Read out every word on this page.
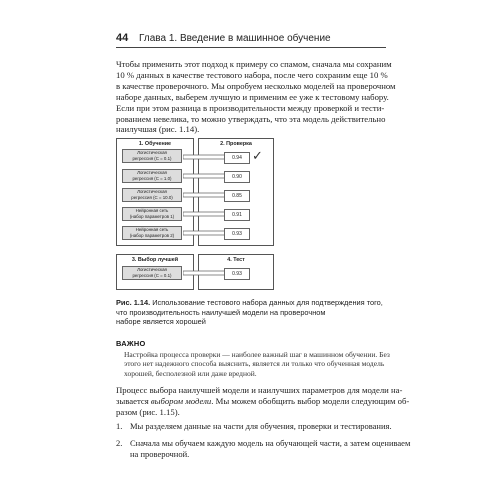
44 Глава 1. Введение в машинное обучение
Чтобы применить этот подход к примеру со спамом, сначала мы сохраним
10 % данных в качестве тестового набора, после чего сохраним еще 10 %
в качестве проверочного. Мы опробуем несколько моделей на проверочном
наборе данных, выберем лучшую и применим ее уже к тестовому набору.
Если при этом разница в производительности между проверкой и тести-
рованием невелика, то можно утверждать, что эта модель действительно
наилучшая (рис. 1.14).
1. Обучение	2. Проверка
Логистическая
регрессия (C = 0.1)	0.94 ✓
Логистическая
регрессия (C = 1.0)	0.90
Логистическая
регрессия (C = 10.0)	0.85
Нейронная сеть
(набор параметров 1)	0.91
Нейронная сеть
(набор параметров 2)	0.93
3. Выбор лучшей	4. Тест
Логистическая
регрессия (C = 0.1)	0.93
Рис. 1.14. Использование тестового набора данных для подтверждения того,
что производительность наилучшей модели на проверочном
наборе является хорошей
ВАЖНО
Настройка процесса проверки — наиболее важный шаг в машинном обучении. Без
этого нет надежного способа выяснить, является ли только что обученная модель
хорошей, бесполезной или даже вредной.
Процесс выбора наилучшей модели и наилучших параметров для модели на-
зывается выбором модели. Мы можем обобщить выбор модели следующим об-
разом (рис. 1.15).
1. Мы разделяем данные на части для обучения, проверки и тестирования.
2. Сначала мы обучаем каждую модель на обучающей части, а затем оцениваем
на проверочной.
